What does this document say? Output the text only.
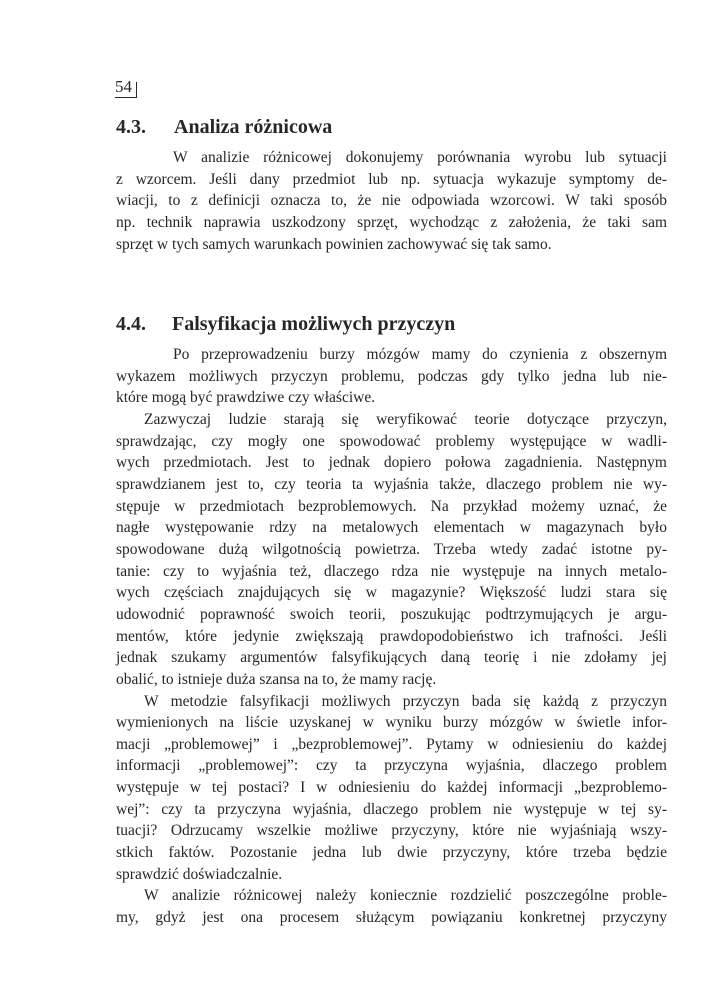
54
4.3. Analiza różnicowa

W analizie różnicowej dokonujemy porównania wyrobu lub sytuacji
z wzorcem. Jeśli dany przedmiot lub np. sytuacja wykazuje symptomy de-
wiacji, to z definicji oznacza to, że nie odpowiada wzorcowi. W taki sposób
np. technik naprawia uszkodzony sprzęt, wychodząc z założenia, że taki sam
sprzęt w tych samych warunkach powinien zachowywać się tak samo.

4.4. Falsyfikacja możliwych przyczyn

Po przeprowadzeniu burzy mózgów mamy do czynienia z obszernym
wykazem możliwych przyczyn problemu, podczas gdy tylko jedna lub nie-
które mogą być prawdziwe czy właściwe.

Zazwyczaj ludzie starają się weryfikować teorie dotyczące przyczyn,
sprawdzając, czy mogły one spowodować problemy występujące w wadli-
wych przedmiotach. Jest to jednak dopiero połowa zagadnienia. Następnym
sprawdzianem jest to, czy teoria ta wyjaśnia także, dlaczego problem nie wy-
stępuje w przedmiotach bezproblemowych. Na przykład możemy uznać, że
nagłe występowanie rdzy na metalowych elementach w magazynach było
spowodowane dużą wilgotnością powietrza. Trzeba wtedy zadać istotne py-
tanie: czy to wyjaśnia też, dlaczego rdza nie występuje na innych metalo-
wych częściach znajdujących się w magazynie? Większość ludzi stara się
udowodnić poprawność swoich teorii, poszukując podtrzymujących je argu-
mentów, które jedynie zwiększają prawdopodobieństwo ich trafności. Jeśli
jednak szukamy argumentów falsyfikujących daną teorię i nie zdołamy jej
obalić, to istnieje duża szansa na to, że mamy rację.

W metodzie falsyfikacji możliwych przyczyn bada się każdą z przyczyn
wymienionych na liście uzyskanej w wyniku burzy mózgów w świetle infor-
macji „problemowej” i „bezproblemowej”. Pytamy w odniesieniu do każdej
informacji „problemowej”: czy ta przyczyna wyjaśnia, dlaczego problem
występuje w tej postaci? I w odniesieniu do każdej informacji „bezproblemo-
wej”: czy ta przyczyna wyjaśnia, dlaczego problem nie występuje w tej sy-
tuacji? Odrzucamy wszelkie możliwe przyczyny, które nie wyjaśniają wszy-
stkich faktów. Pozostanie jedna lub dwie przyczyny, które trzeba będzie
sprawdzić doświadczalnie.

W analizie różnicowej należy koniecznie rozdzielić poszczególne proble-
my, gdyż jest ona procesem służącym powiązaniu konkretnej przyczyny
